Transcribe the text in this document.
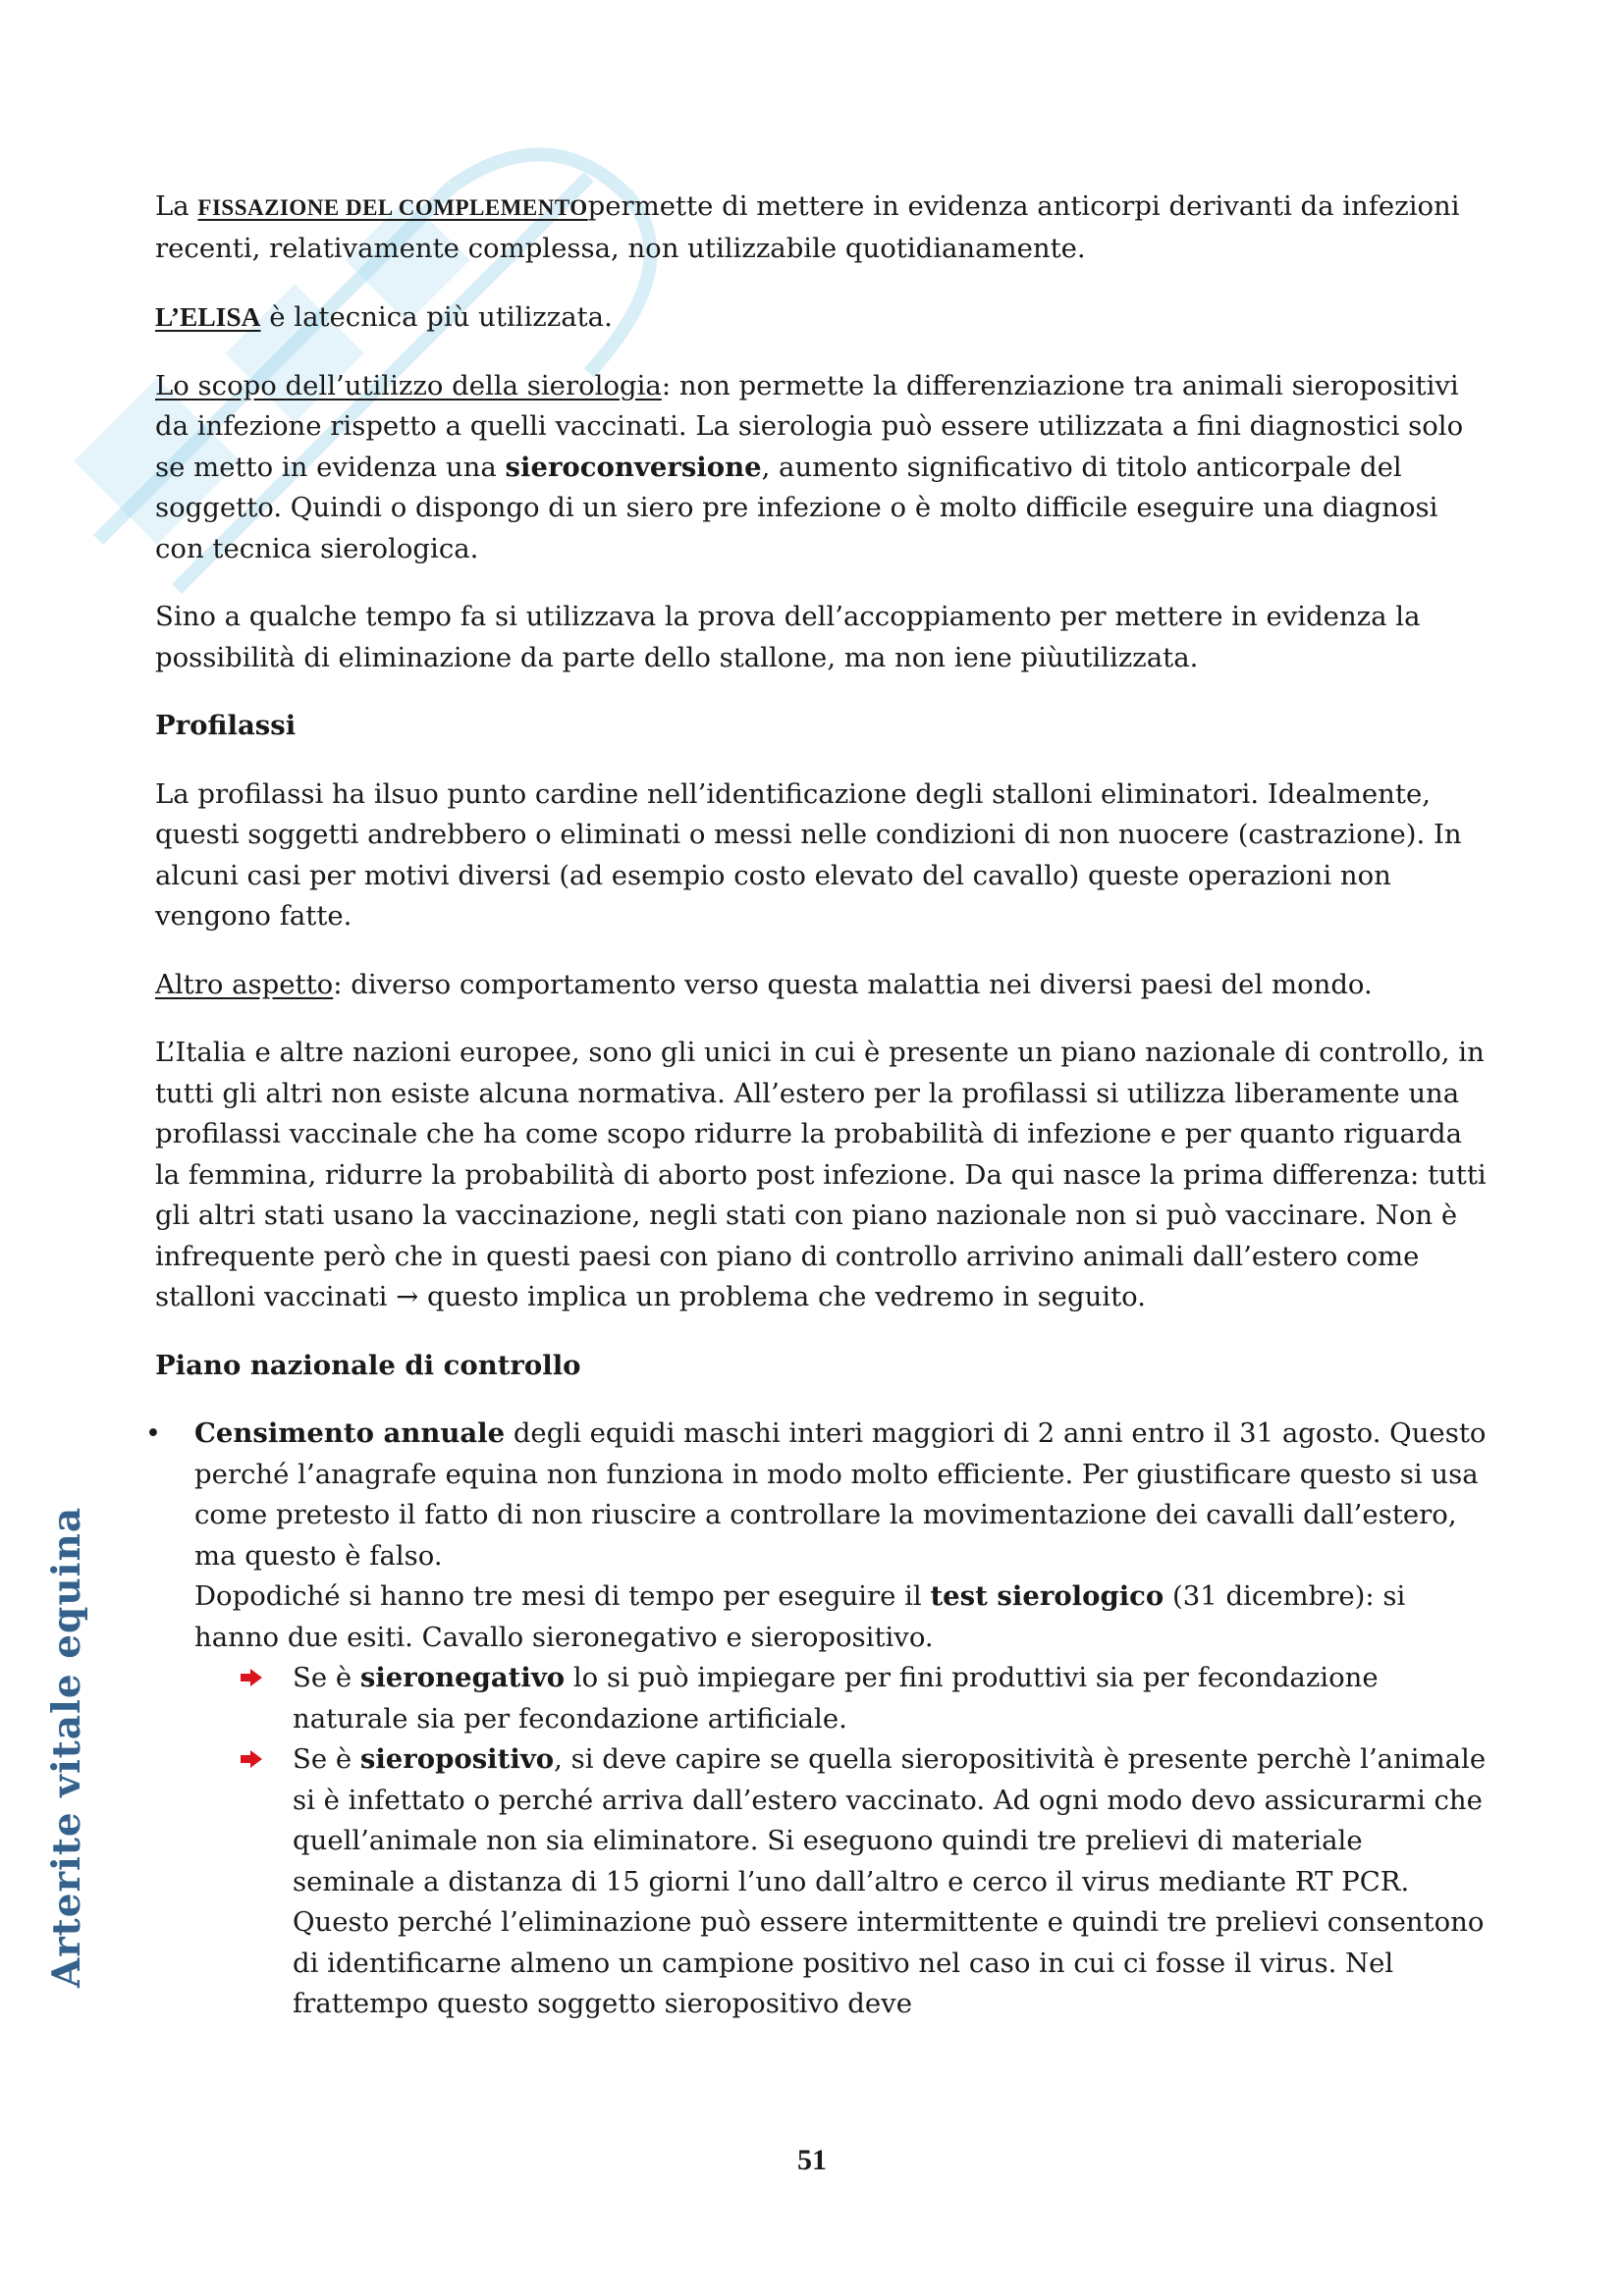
Arterite vitale equina

La FISSAZIONE DEL COMPLEMENTOpermette di mettere in evidenza anticorpi derivanti da infezioni recenti, relativamente complessa, non utilizzabile quotidianamente.

L’ELISA è latecnica più utilizzata.

Lo scopo dell’utilizzo della sierologia: non permette la differenziazione tra animali sieropositivi da infezione rispetto a quelli vaccinati. La sierologia può essere utilizzata a fini diagnostici solo se metto in evidenza una sieroconversione, aumento significativo di titolo anticorpale del soggetto. Quindi o dispongo di un siero pre infezione o è molto difficile eseguire una diagnosi con tecnica sierologica.

Sino a qualche tempo fa si utilizzava la prova dell’accoppiamento per mettere in evidenza la possibilità di eliminazione da parte dello stallone, ma non iene piùutilizzata.

Profilassi

La profilassi ha ilsuo punto cardine nell’identificazione degli stalloni eliminatori. Idealmente, questi soggetti andrebbero o eliminati o messi nelle condizioni di non nuocere (castrazione). In alcuni casi per motivi diversi (ad esempio costo elevato del cavallo) queste operazioni non vengono fatte.

Altro aspetto: diverso comportamento verso questa malattia nei diversi paesi del mondo.

L’Italia e altre nazioni europee, sono gli unici in cui è presente un piano nazionale di controllo, in tutti gli altri non esiste alcuna normativa. All’estero per la profilassi si utilizza liberamente una profilassi vaccinale che ha come scopo ridurre la probabilità di infezione e per quanto riguarda la femmina, ridurre la probabilità di aborto post infezione. Da qui nasce la prima differenza: tutti gli altri stati usano la vaccinazione, negli stati con piano nazionale non si può vaccinare. Non è infrequente però che in questi paesi con piano di controllo arrivino animali dall’estero come stalloni vaccinati → questo implica un problema che vedremo in seguito.

Piano nazionale di controllo
• Censimento annuale degli equidi maschi interi maggiori di 2 anni entro il 31 agosto. Questo perché l’anagrafe equina non funziona in modo molto efficiente. Per giustificare questo si usa come pretesto il fatto di non riuscire a controllare la movimentazione dei cavalli dall’estero, ma questo è falso.
Dopodiché si hanno tre mesi di tempo per eseguire il test sierologico (31 dicembre): si hanno due esiti. Cavallo sieronegativo e sieropositivo.
Se è sieronegativo lo si può impiegare per fini produttivi sia per fecondazione naturale sia per fecondazione artificiale.
Se è sieropositivo, si deve capire se quella sieropositività è presente perchè l’animale si è infettato o perché arriva dall’estero vaccinato. Ad ogni modo devo assicurarmi che quell’animale non sia eliminatore. Si eseguono quindi tre prelievi di materiale seminale a distanza di 15 giorni l’uno dall’altro e cerco il virus mediante RT PCR. Questo perché l’eliminazione può essere intermittente e quindi tre prelievi consentono di identificarne almeno un campione positivo nel caso in cui ci fosse il virus. Nel frattempo questo soggetto sieropositivo deve
51
